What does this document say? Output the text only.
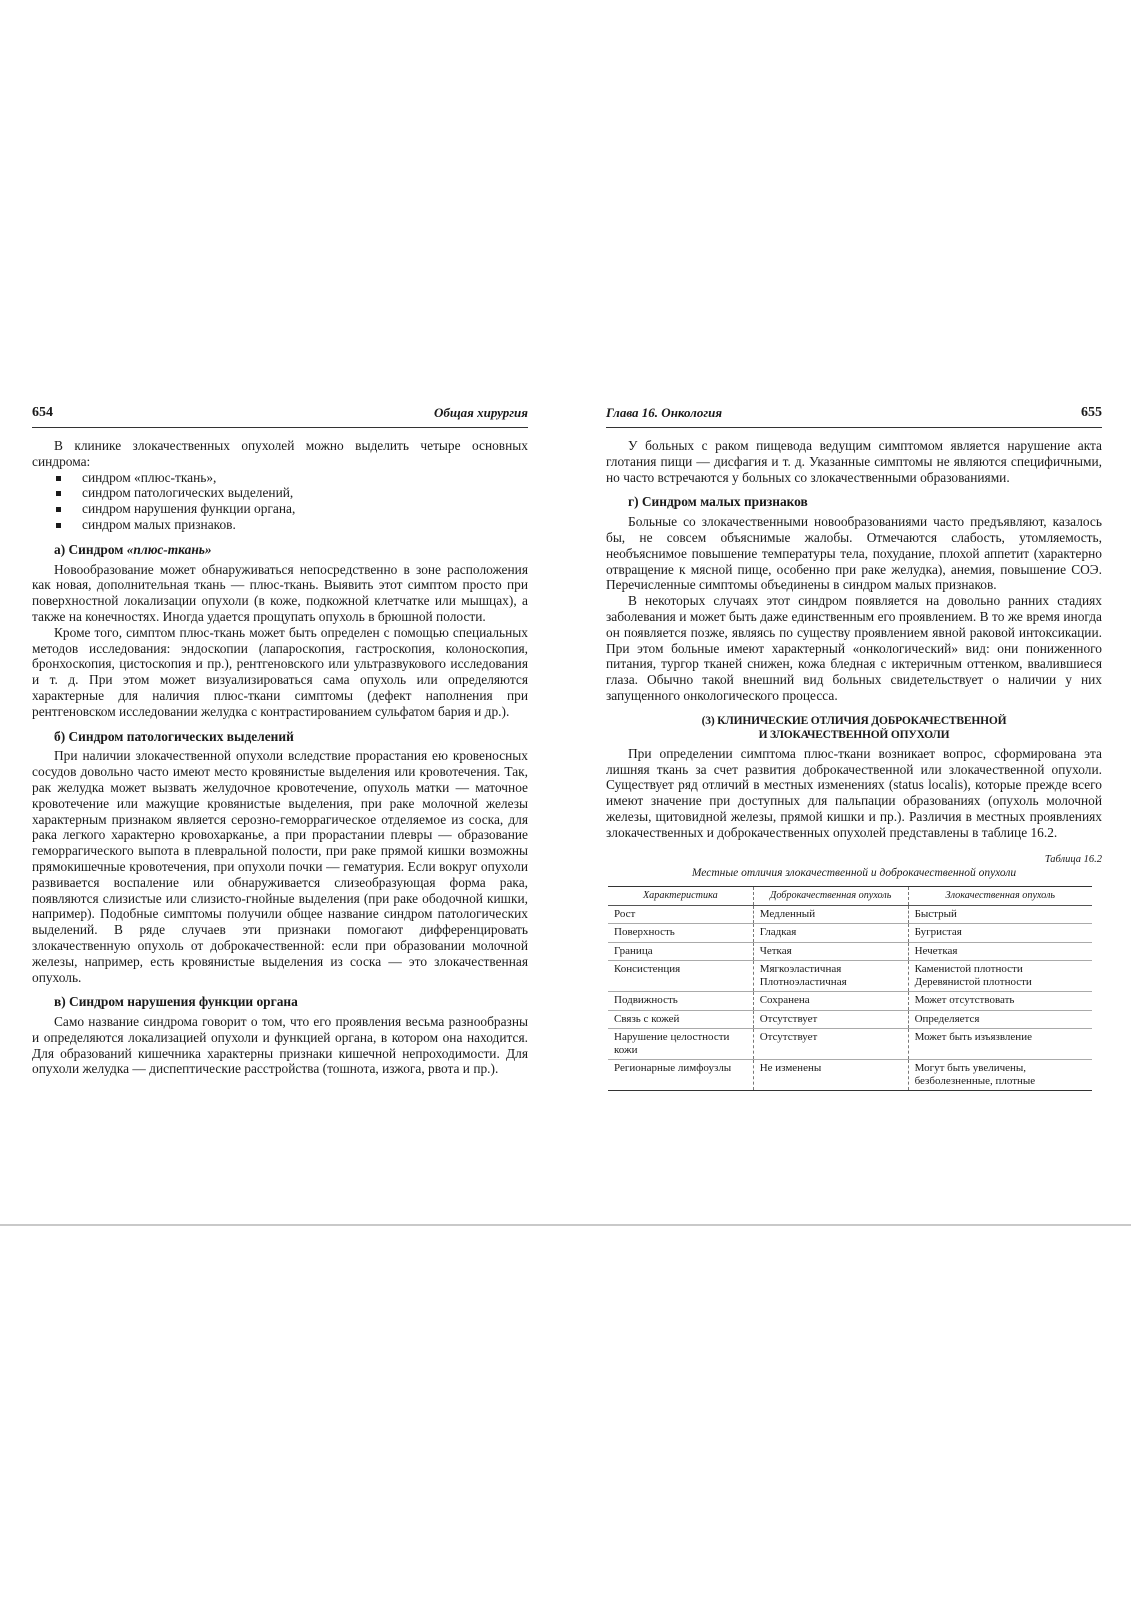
654	Общая хирургия

В клинике злокачественных опухолей можно выделить четыре основных синдрома:

синдром «плюс-ткань»,
синдром патологических выделений,
синдром нарушения функции органа,
синдром малых признаков.
а) Синдром «плюс-ткань»

Новообразование может обнаруживаться непосредственно в зоне расположения как новая, дополнительная ткань — плюс-ткань. Выявить этот симптом просто при поверхностной локализации опухоли (в коже, подкожной клетчатке или мышцах), а также на конечностях. Иногда удается прощупать опухоль в брюшной полости.

Кроме того, симптом плюс-ткань может быть определен с помощью специальных методов исследования: эндоскопии (лапароскопия, гастроскопия, колоноскопия, бронхоскопия, цистоскопия и пр.), рентгеновского или ультразвукового исследования и т. д. При этом может визуализироваться сама опухоль или определяются характерные для наличия плюс-ткани симптомы (дефект наполнения при рентгеновском исследовании желудка с контрастированием сульфатом бария и др.).

б) Синдром патологических выделений

При наличии злокачественной опухоли вследствие прорастания ею кровеносных сосудов довольно часто имеют место кровянистые выделения или кровотечения. Так, рак желудка может вызвать желудочное кровотечение, опухоль матки — маточное кровотечение или мажущие кровянистые выделения, при раке молочной железы характерным признаком является серозно-геморрагическое отделяемое из соска, для рака легкого характерно кровохарканье, а при прорастании плевры — образование геморрагического выпота в плевральной полости, при раке прямой кишки возможны прямокишечные кровотечения, при опухоли почки — гематурия. Если вокруг опухоли развивается воспаление или обнаруживается слизеобразующая форма рака, появляются слизистые или слизисто-гнойные выделения (при раке ободочной кишки, например). Подобные симптомы получили общее название синдром патологических выделений. В ряде случаев эти признаки помогают дифференцировать злокачественную опухоль от доброкачественной: если при образовании молочной железы, например, есть кровянистые выделения из соска — это злокачественная опухоль.

в) Синдром нарушения функции органа

Само название синдрома говорит о том, что его проявления весьма разнообразны и определяются локализацией опухоли и функцией органа, в котором она находится. Для образований кишечника характерны признаки кишечной непроходимости. Для опухоли желудка — диспептические расстройства (тошнота, изжога, рвота и пр.).

Глава 16. Онкология	655

У больных с раком пищевода ведущим симптомом является нарушение акта глотания пищи — дисфагия и т. д. Указанные симптомы не являются специфичными, но часто встречаются у больных со злокачественными образованиями.

г) Синдром малых признаков

Больные со злокачественными новообразованиями часто предъявляют, казалось бы, не совсем объяснимые жалобы. Отмечаются слабость, утомляемость, необъяснимое повышение температуры тела, похудание, плохой аппетит (характерно отвращение к мясной пище, особенно при раке желудка), анемия, повышение СОЭ. Перечисленные симптомы объединены в синдром малых признаков.

В некоторых случаях этот синдром появляется на довольно ранних стадиях заболевания и может быть даже единственным его проявлением. В то же время иногда он появляется позже, являясь по существу проявлением явной раковой интоксикации. При этом больные имеют характерный «онкологический» вид: они пониженного питания, тургор тканей снижен, кожа бледная с иктеричным оттенком, ввалившиеся глаза. Обычно такой внешний вид больных свидетельствует о наличии у них запущенного онкологического процесса.

(3) КЛИНИЧЕСКИЕ ОТЛИЧИЯ ДОБРОКАЧЕСТВЕННОЙ
И ЗЛОКАЧЕСТВЕННОЙ ОПУХОЛИ

При определении симптома плюс-ткани возникает вопрос, сформирована эта лишняя ткань за счет развития доброкачественной или злокачественной опухоли. Существует ряд отличий в местных изменениях (status localis), которые прежде всего имеют значение при доступных для пальпации образованиях (опухоль молочной железы, щитовидной железы, прямой кишки и пр.). Различия в местных проявлениях злокачественных и доброкачественных опухолей представлены в таблице 16.2.

Таблица 16.2
Местные отличия злокачественной и доброкачественной опухоли
Характеристика	Доброкачественная опухоль	Злокачественная опухоль
Рост	Медленный	Быстрый
Поверхность	Гладкая	Бугристая
Граница	Четкая	Нечеткая
Консистенция	Мягкоэластичная Плотноэластичная	Каменистой плотности Деревянистой плотности
Подвижность	Сохранена	Может отсутствовать
Связь с кожей	Отсутствует	Определяется
Нарушение целостности кожи	Отсутствует	Может быть изъязвление
Регионарные лимфоузлы	Не изменены	Могут быть увеличены, безболезненные, плотные
